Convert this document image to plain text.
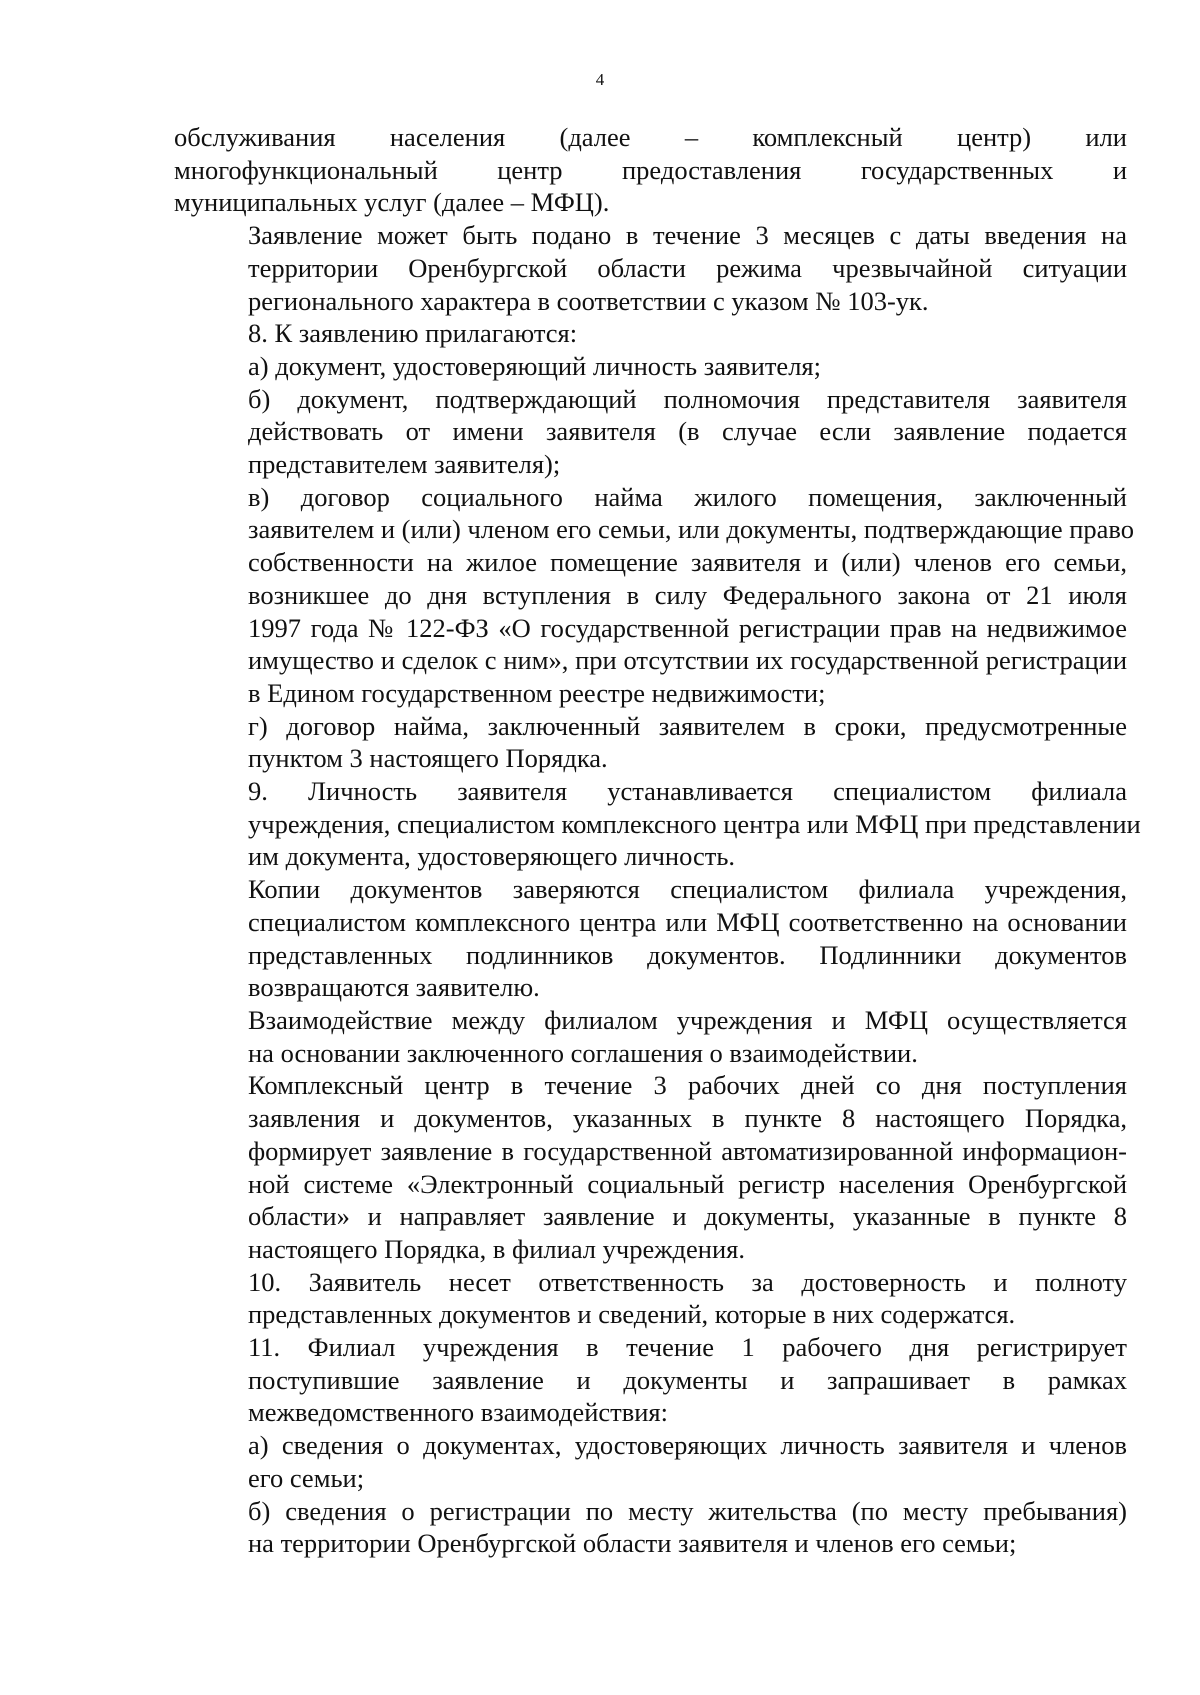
4

обслуживания населения (далее – комплексный центр) или
многофункциональный центр предоставления государственных и
муниципальных услуг (далее – МФЦ).

Заявление может быть подано в течение 3 месяцев с даты введения на
территории Оренбургской области режима чрезвычайной ситуации
регионального характера в соответствии с указом № 103-ук.

8. К заявлению прилагаются:

а) документ, удостоверяющий личность заявителя;

б) документ, подтверждающий полномочия представителя заявителя
действовать от имени заявителя (в случае если заявление подается
представителем заявителя);

в) договор социального найма жилого помещения, заключенный
заявителем и (или) членом его семьи, или документы, подтверждающие право
собственности на жилое помещение заявителя и (или) членов его семьи,
возникшее до дня вступления в силу Федерального закона от 21 июля
1997 года № 122-ФЗ «О государственной регистрации прав на недвижимое
имущество и сделок с ним», при отсутствии их государственной регистрации
в Едином государственном реестре недвижимости;

г) договор найма, заключенный заявителем в сроки, предусмотренные
пунктом 3 настоящего Порядка.

9. Личность заявителя устанавливается специалистом филиала
учреждения, специалистом комплексного центра или МФЦ при представлении
им документа, удостоверяющего личность.

Копии документов заверяются специалистом филиала учреждения,
специалистом комплексного центра или МФЦ соответственно на основании
представленных подлинников документов. Подлинники документов
возвращаются заявителю.

Взаимодействие между филиалом учреждения и МФЦ осуществляется
на основании заключенного соглашения о взаимодействии.

Комплексный центр в течение 3 рабочих дней со дня поступления
заявления и документов, указанных в пункте 8 настоящего Порядка,
формирует заявление в государственной автоматизированной информацион-
ной системе «Электронный социальный регистр населения Оренбургской
области» и направляет заявление и документы, указанные в пункте 8
настоящего Порядка, в филиал учреждения.

10. Заявитель несет ответственность за достоверность и полноту
представленных документов и сведений, которые в них содержатся.

11. Филиал учреждения в течение 1 рабочего дня регистрирует
поступившие заявление и документы и запрашивает в рамках
межведомственного взаимодействия:

а) сведения о документах, удостоверяющих личность заявителя и членов
его семьи;

б) сведения о регистрации по месту жительства (по месту пребывания)
на территории Оренбургской области заявителя и членов его семьи;
